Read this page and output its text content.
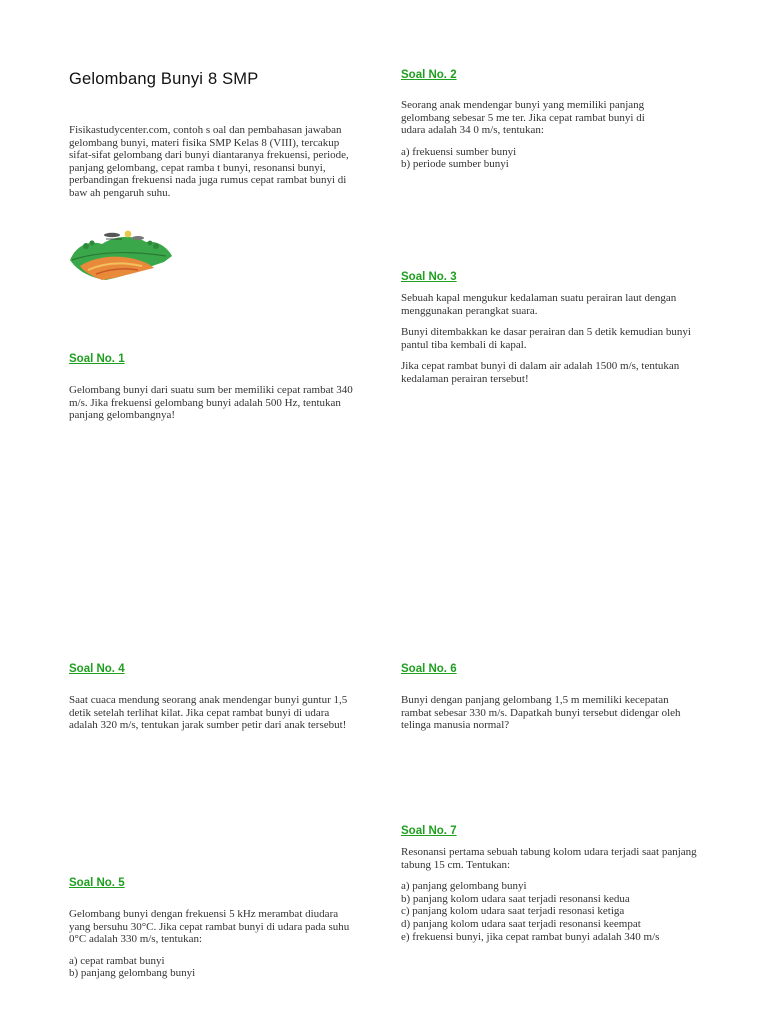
Gelombang Bunyi 8 SMP
Fisikastudycenter.com, contoh s oal dan pembahasan jawaban gelombang bunyi, materi fisika SMP Kelas 8 (VIII), tercakup sifat-sifat gelombang dari bunyi diantaranya frekuensi, periode, panjang gelombang, cepat ramba t bunyi, resonansi bunyi, perbandingan frekuensi nada juga rumus cepat rambat bunyi di baw ah pengaruh suhu.
Soal No. 1
Gelombang bunyi dari suatu sum ber memiliki cepat rambat 340 m/s. Jika frekuensi gelombang bunyi adalah 500 Hz, tentukan panjang gelombangnya!
Soal No. 4
Saat cuaca mendung seorang anak mendengar bunyi guntur 1,5 detik setelah terlihat kilat. Jika cepat rambat bunyi di udara adalah 320 m/s, tentukan jarak sumber petir dari anak tersebut!
Soal No. 5

Gelombang bunyi dengan frekuensi 5 kHz merambat diudara yang bersuhu 30°C. Jika cepat rambat bunyi di udara pada suhu 0°C adalah 330 m/s, tentukan:

a) cepat rambat bunyi
b) panjang gelombang bunyi
Soal No. 2

Seorang anak mendengar bunyi yang memiliki panjang gelombang sebesar 5 me ter. Jika cepat rambat bunyi di udara adalah 34 0 m/s, tentukan:

a) frekuensi sumber bunyi
b) periode sumber bunyi
Soal No. 3

Sebuah kapal mengukur kedalaman suatu perairan laut dengan menggunakan perangkat suara.

Bunyi ditembakkan ke dasar perairan dan 5 detik kemudian bunyi pantul tiba kembali di kapal.

Jika cepat rambat bunyi di dalam air adalah 1500 m/s, tentukan kedalaman perairan tersebut!

Soal No. 6
Bunyi dengan panjang gelombang 1,5 m memiliki kecepatan rambat sebesar 330 m/s. Dapatkah bunyi tersebut didengar oleh telinga manusia normal?
Soal No. 7

Resonansi pertama sebuah tabung kolom udara terjadi saat panjang tabung 15 cm. Tentukan:

a) panjang gelombang bunyi
b) panjang kolom udara saat terjadi resonansi kedua
c) panjang kolom udara saat terjadi resonasi ketiga
d) panjang kolom udara saat terjadi resonansi keempat
e) frekuensi bunyi, jika cepat rambat bunyi adalah 340 m/s
